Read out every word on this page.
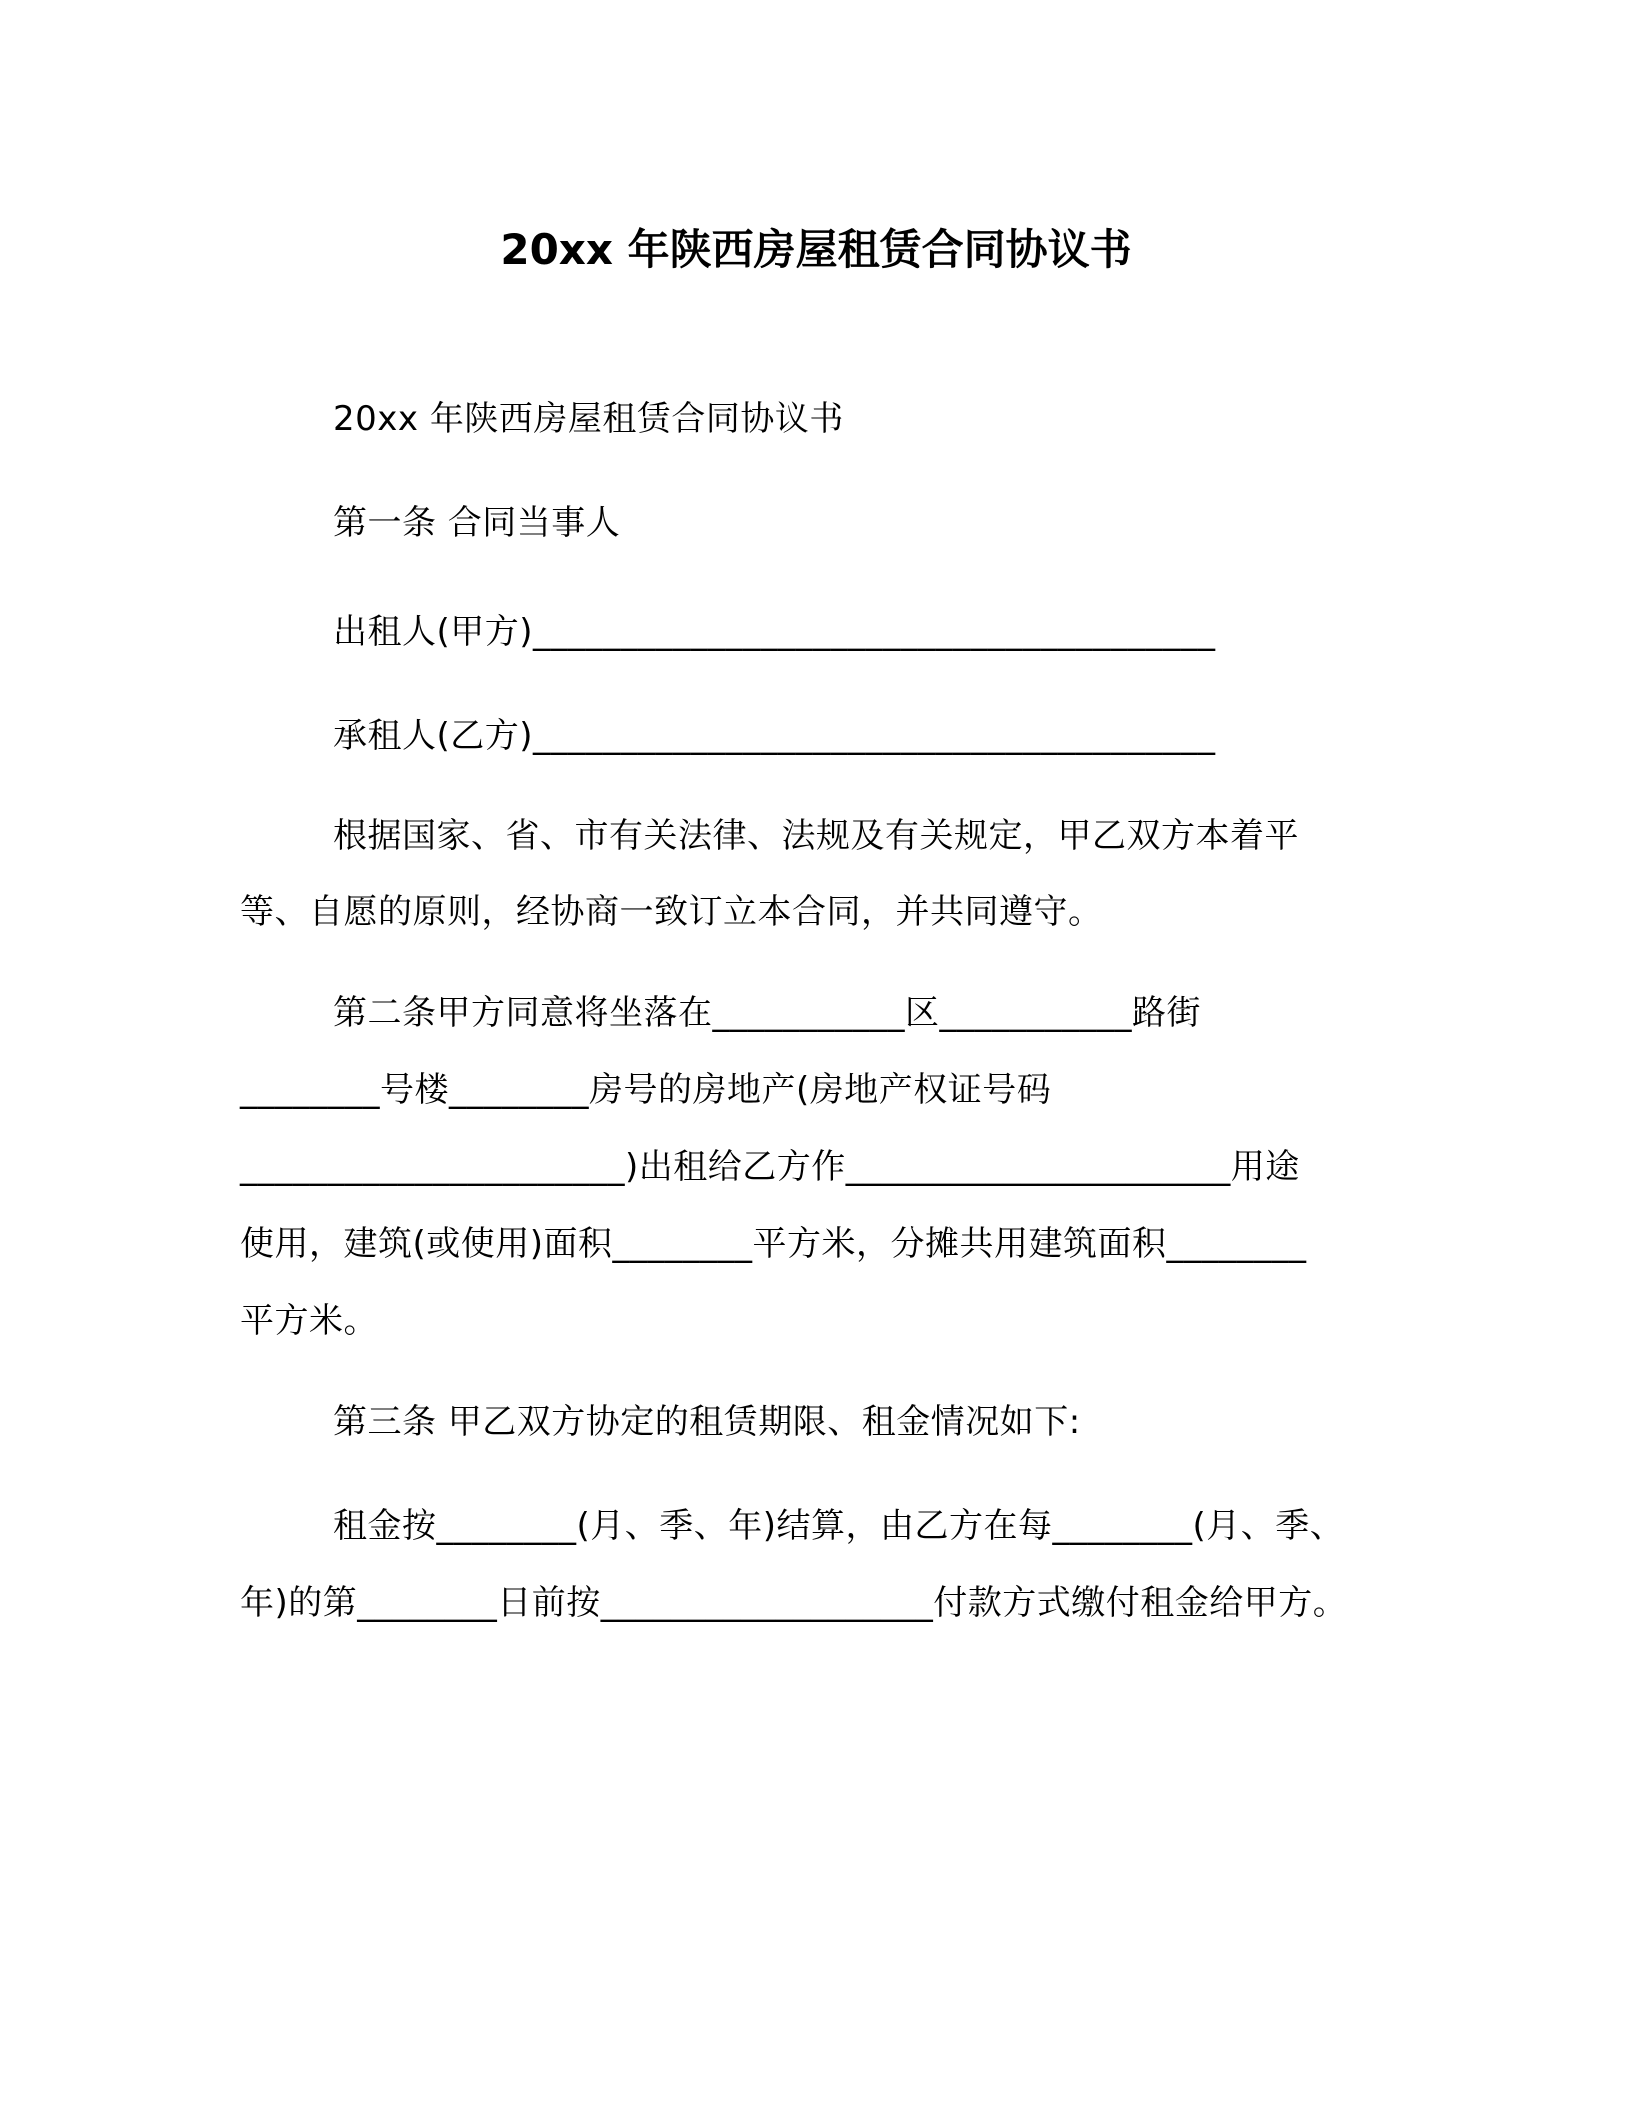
20xx 年陕西房屋租赁合同协议书
20xx 年陕西房屋租赁合同协议书
第一条 合同当事人
出租人(甲方)_______________________________________
承租人(乙方)_______________________________________
根据国家、省、市有关法律、法规及有关规定，甲乙双方本着平
等、自愿的原则，经协商一致订立本合同，并共同遵守。
第二条甲方同意将坐落在___________区___________路街
________号楼________房号的房地产(房地产权证号码
______________________)出租给乙方作______________________用途
使用，建筑(或使用)面积________平方米，分摊共用建筑面积________
平方米。
第三条 甲乙双方协定的租赁期限、租金情况如下:
租金按________(月、季、年)结算，由乙方在每________(月、季、
年)的第________日前按___________________付款方式缴付租金给甲方。
